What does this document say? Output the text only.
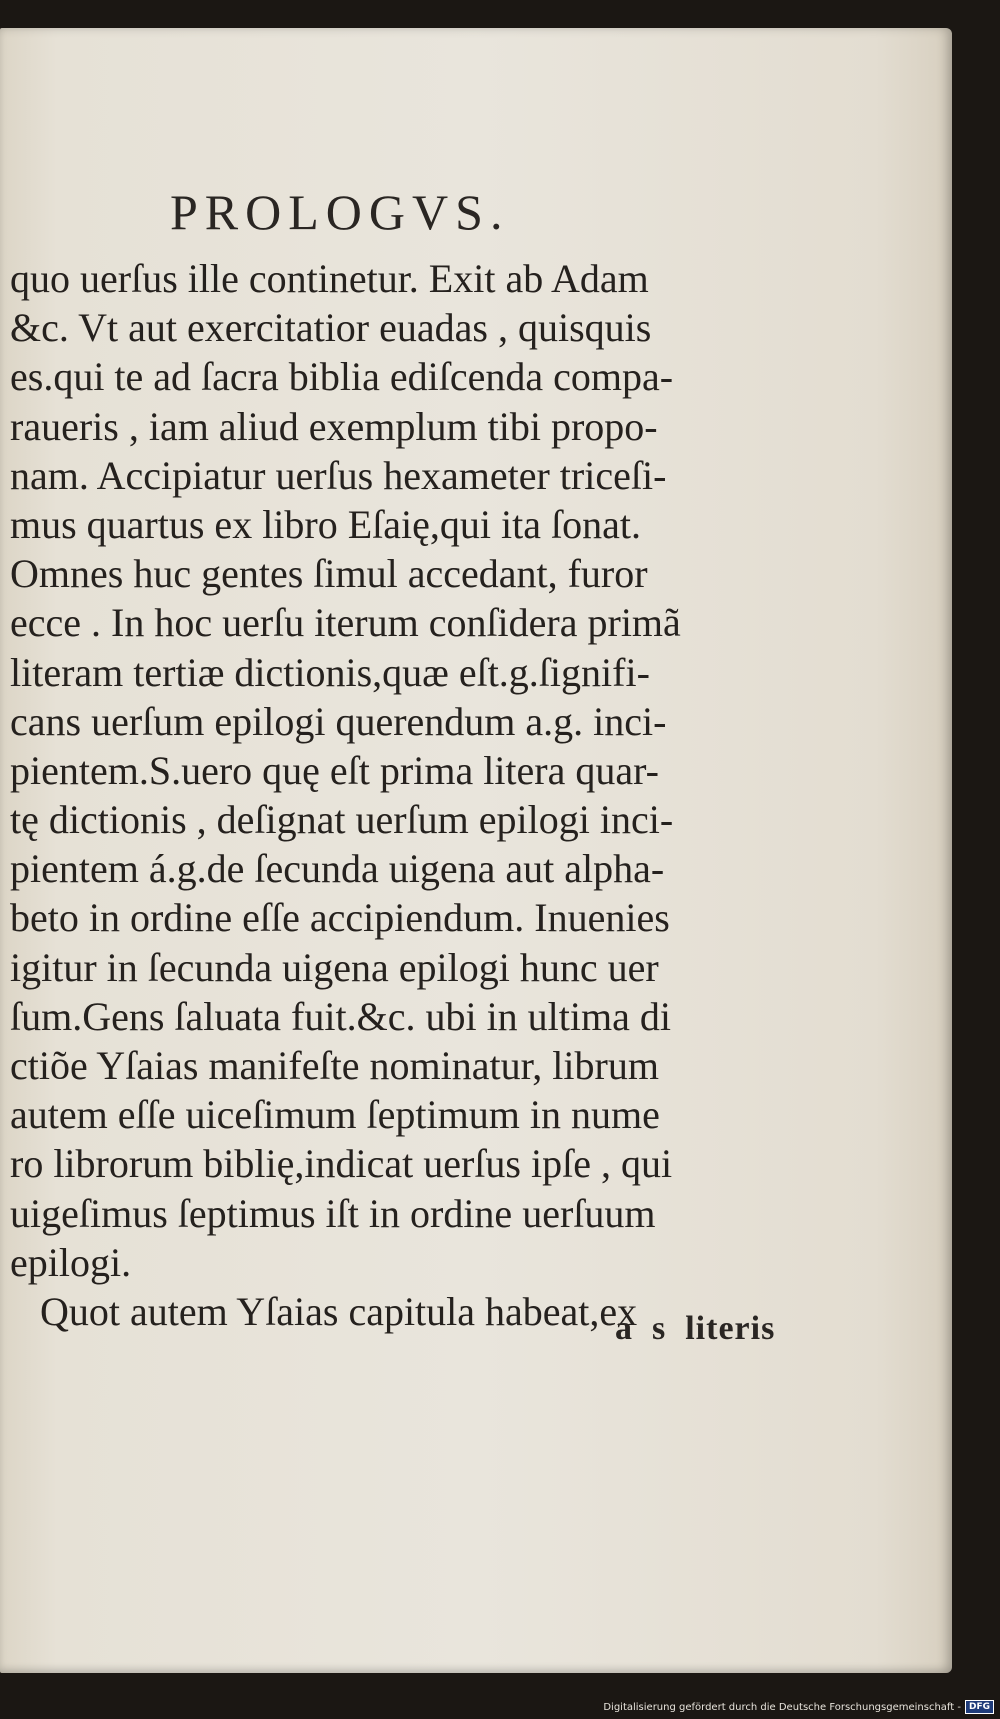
PROLOGVS.
quo uerſus ille continetur. Exit ab Adam
&c. Vt aut exercitatior euadas , quisquis
es.qui te ad ſacra biblia ediſcenda compa-
raueris , iam aliud exemplum tibi propo-
nam. Accipiatur uerſus hexameter triceſi-
mus quartus ex libro Eſaię,qui ita ſonat.
Omnes huc gentes ſimul accedant, furor
ecce . In hoc uerſu iterum conſidera primã
literam tertiæ dictionis,quæ eſt.g.ſignifi-
cans uerſum epilogi querendum a.g. inci-
pientem.S.uero quę eſt prima litera quar-
tę dictionis , deſignat uerſum epilogi inci-
pientem á.g.de ſecunda uigena aut alpha-
beto in ordine eſſe accipiendum. Inuenies
igitur in ſecunda uigena epilogi hunc uer
ſum.Gens ſaluata fuit.&c. ubi in ultima di
ctiõe Yſaias manifeſte nominatur, librum
autem eſſe uiceſimum ſeptimum in nume
ro librorum biblię,indicat uerſus ipſe , qui
uigeſimus ſeptimus iſt in ordine uerſuum
epilogi.
Quot autem Yſaias capitula habeat,ex
a  s  literis
Digitalisierung gefördert durch die Deutsche Forschungsgemeinschaft - DFG
